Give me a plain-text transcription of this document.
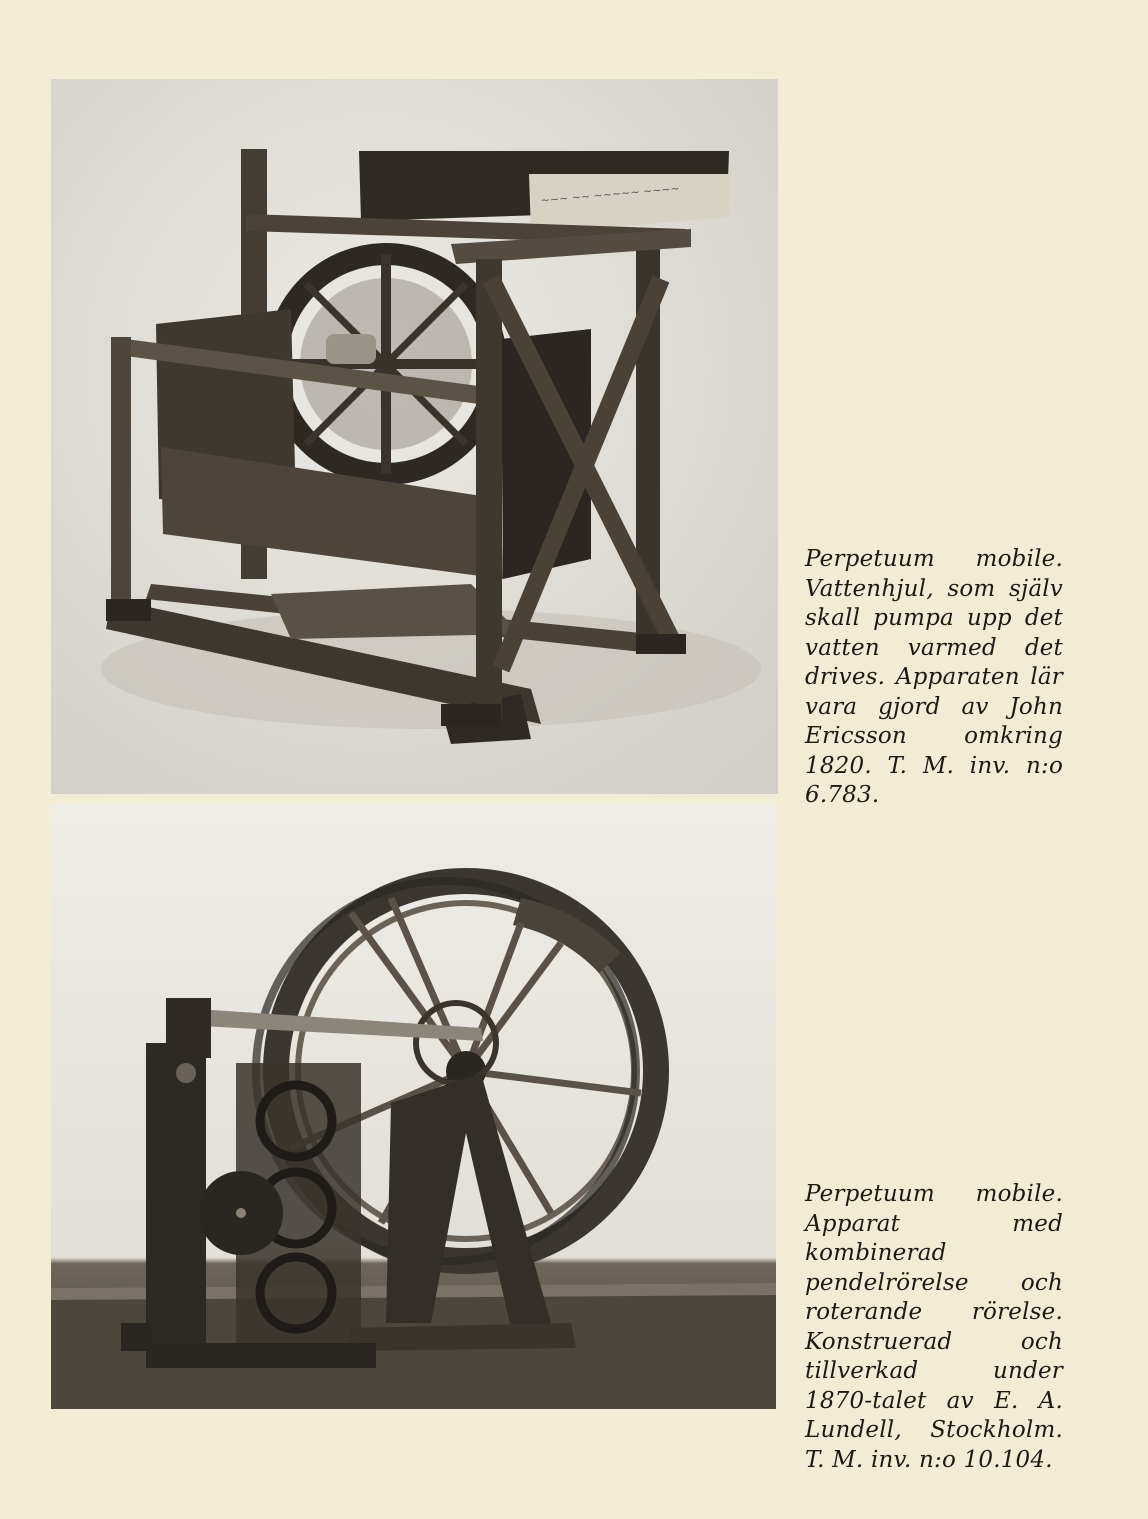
~~~ ~~ ~~~~~ ~~~~
Perpetuum mobile. Vattenhjul, som själv skall pumpa upp det vatten varmed det drives. Apparaten lär vara gjord av John Ericsson omkring 1820. T. M. inv. n:o 6.783.
Perpetuum mobile. Apparat med kombinerad pendelrörelse och roterande rörelse. Konstruerad och tillverkad under 1870-talet av E. A. Lundell, Stockholm. T. M. inv. n:o 10.104.
